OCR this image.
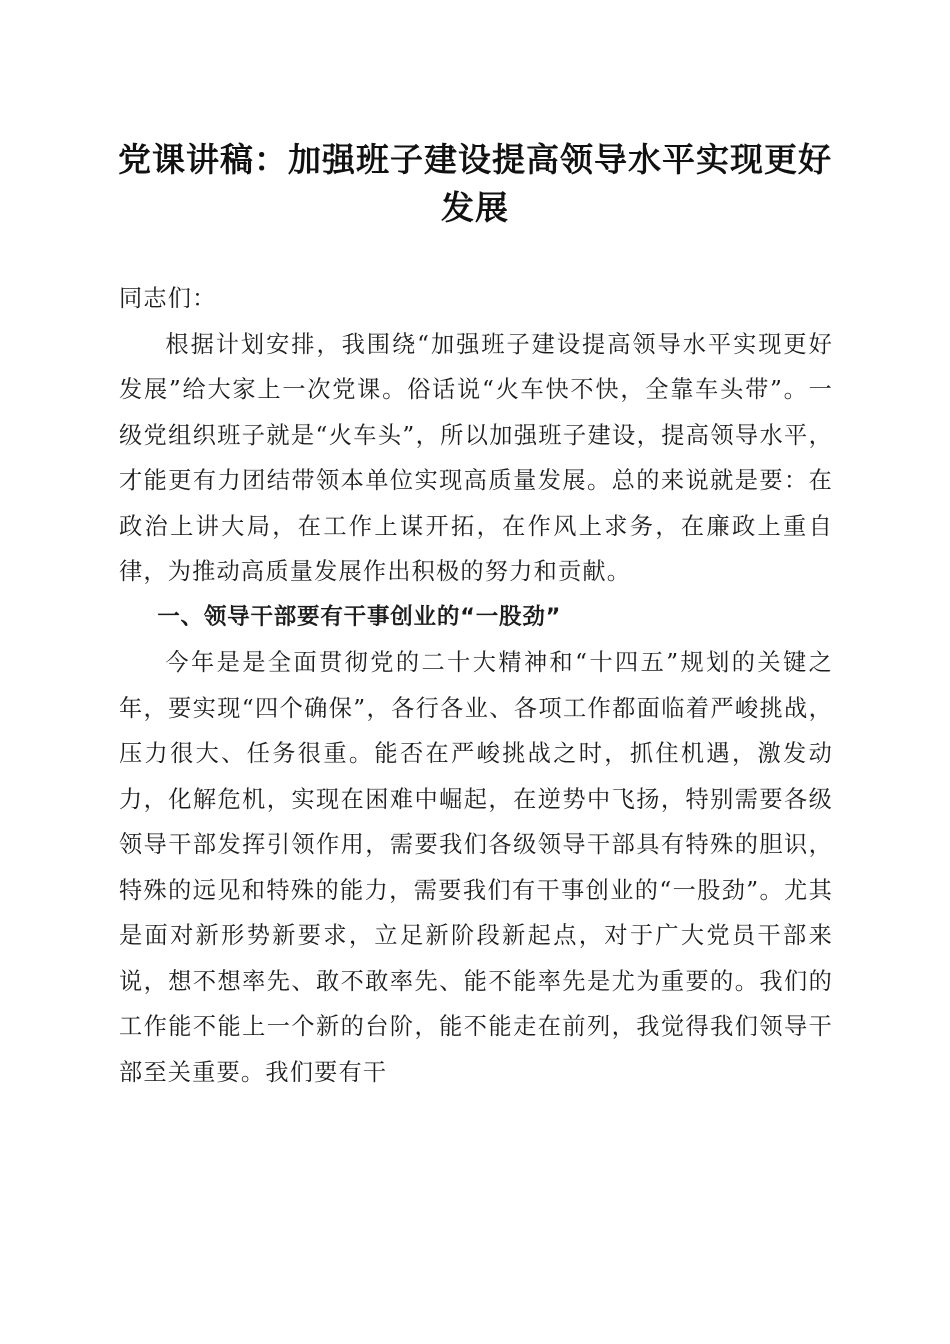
党课讲稿：加强班子建设提高领导水平实现更好发展

同志们：

根据计划安排，我围绕“加强班子建设提高领导水平实现更好发展”给大家上一次党课。俗话说“火车快不快，全靠车头带”。一级党组织班子就是“火车头”，所以加强班子建设，提高领导水平，才能更有力团结带领本单位实现高质量发展。总的来说就是要：在政治上讲大局，在工作上谋开拓，在作风上求务，在廉政上重自律，为推动高质量发展作出积极的努力和贡献。

一、领导干部要有干事创业的“一股劲”

今年是是全面贯彻党的二十大精神和“十四五”规划的关键之年，要实现“四个确保”，各行各业、各项工作都面临着严峻挑战，压力很大、任务很重。能否在严峻挑战之时，抓住机遇，激发动力，化解危机，实现在困难中崛起，在逆势中飞扬，特别需要各级领导干部发挥引领作用，需要我们各级领导干部具有特殊的胆识，特殊的远见和特殊的能力，需要我们有干事创业的“一股劲”。尤其是面对新形势新要求，立足新阶段新起点，对于广大党员干部来说，想不想率先、敢不敢率先、能不能率先是尤为重要的。我们的工作能不能上一个新的台阶，能不能走在前列，我觉得我们领导干部至关重要。我们要有干
